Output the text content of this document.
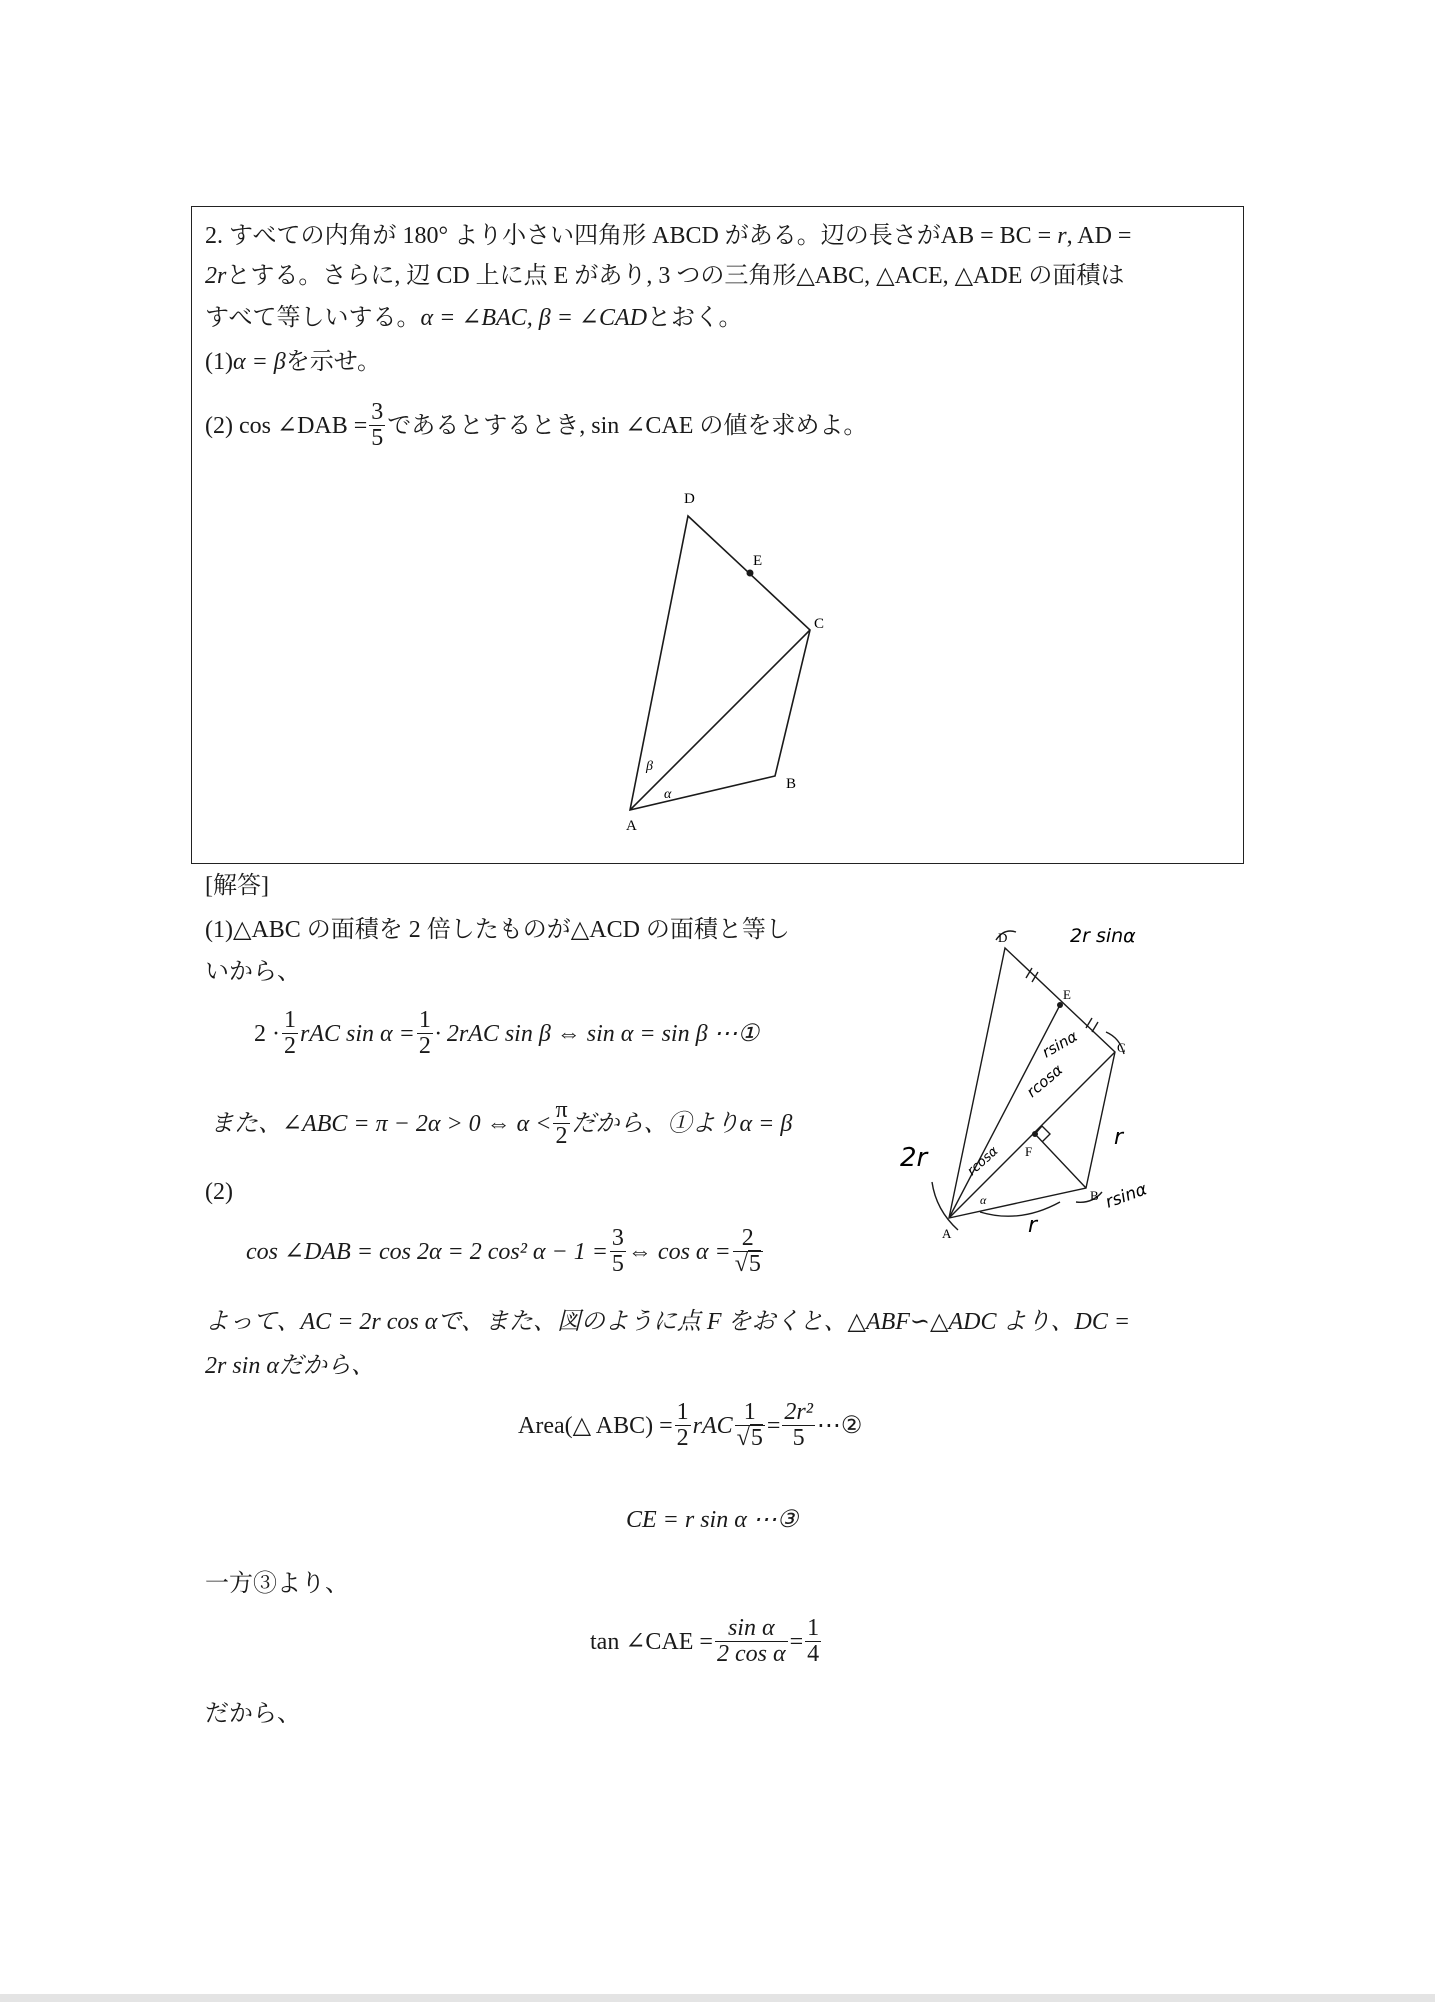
2. すべての内角が 180° より小さい四角形 ABCD がある。辺の長さがAB = BC = r, AD =
2rとする。さらに, 辺 CD 上に点 E があり, 3 つの三角形△ABC, △ACE, △ADE の面積は
すべて等しいする。α = ∠BAC, β = ∠CADとおく。
(1)α = βを示せ。
(2) cos ∠DAB = $\frac{3}{5}$ であるとするとき, sin ∠CAE の値を求めよ。
A
B
C
D
E
α
β
[解答]
(1)△ABC の面積を 2 倍したものが△ACD の面積と等し
いから、
$2 \cdot \frac{1}{2}$ rAC $\sin \alpha = \frac{1}{2} \cdot 2rAC$ sin β ⇔ sin α = sin β ⋯①
また、∠ABC = π − 2α > 0 ⇔ $\alpha < \frac{\pi}{2}$ だから、①よりα = β
(2)
cos ∠DAB = cos 2α = 2 cos² $\alpha - 1 = \frac{3}{5}$ ⇔ $\cos \alpha = \frac{2}{√5}$
よって、AC = 2r cos αで、また、図のように点 F をおくと、△ABF∽△ADC より、DC =
2r sin αだから、
Area(△ $ABC) = \frac{1}{2}$ rAC $\frac{1}{√5} = \frac{\text{2r²}}{5}$ ⋯②
CE = r sin α ⋯③
一方③より、
tan ∠CAE = $\frac{\text{sin α}}{\text{2 cos α}} = \frac{1}{4}$
だから、
A
B
C
D
E
F
α
2r sinα
rsinα
rcosα
rcosα
2r
r
rsinα
r
